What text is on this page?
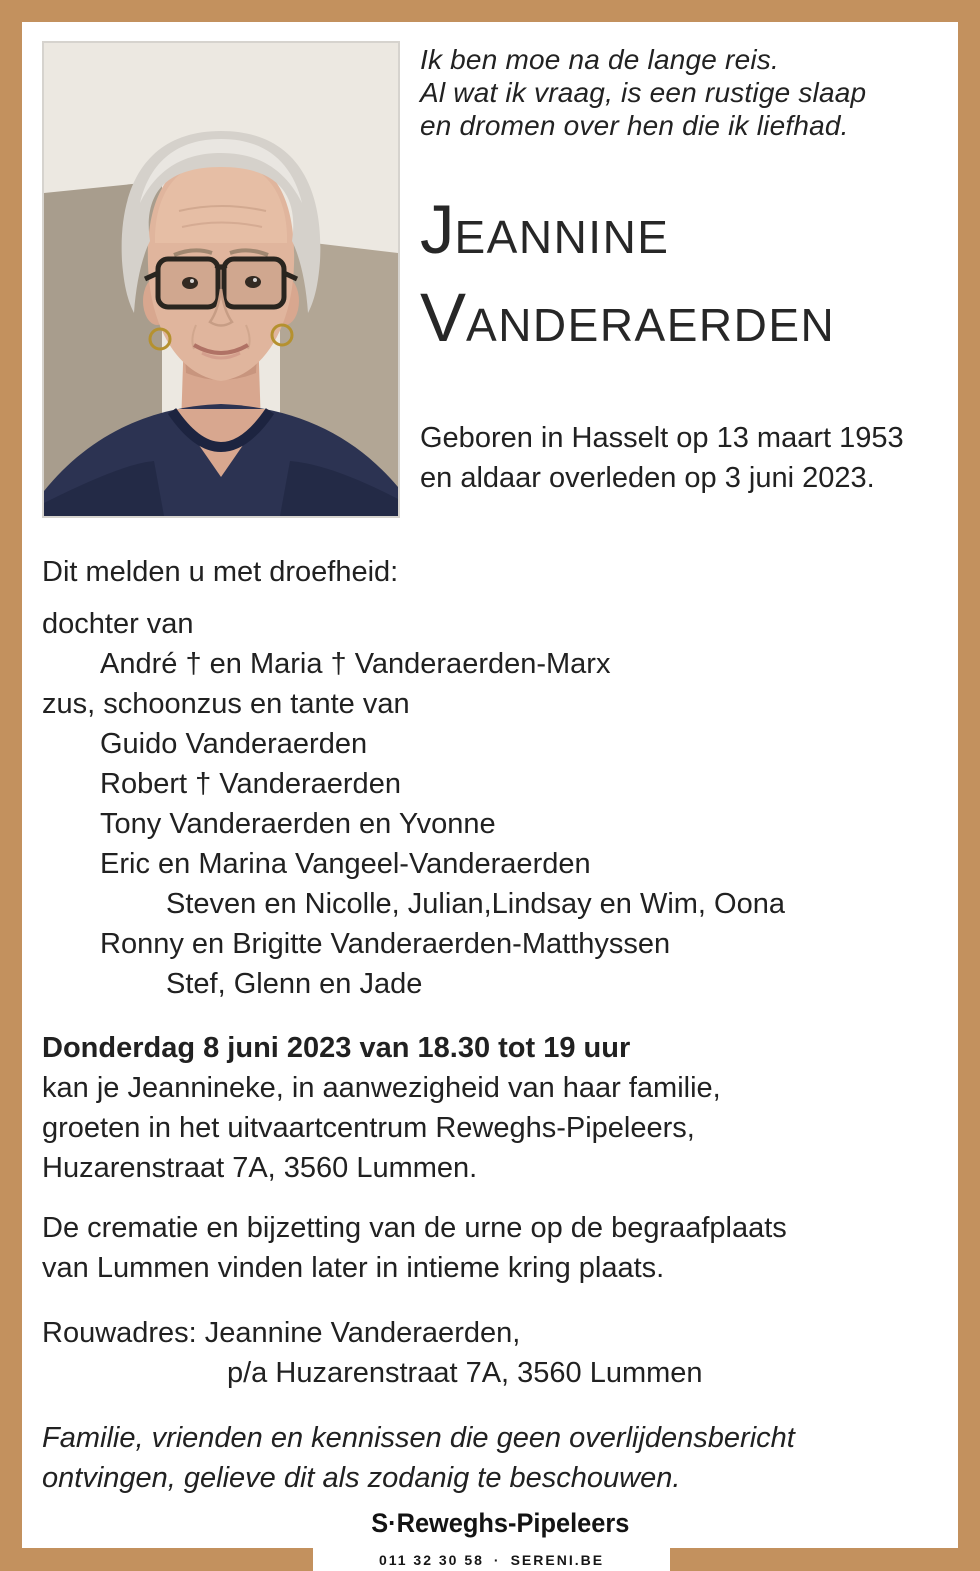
Ik ben moe na de lange reis.
Al wat ik vraag, is een rustige slaap
en dromen over hen die ik liefhad.
JEANNINE
VANDERAERDEN
Geboren in Hasselt op 13 maart 1953
en aldaar overleden op 3 juni 2023.

Dit melden u met droefheid:

dochter van
André † en Maria † Vanderaerden-Marx
zus, schoonzus en tante van
Guido Vanderaerden
Robert † Vanderaerden
Tony Vanderaerden en Yvonne
Eric en Marina Vangeel-Vanderaerden
Steven en Nicolle, Julian,Lindsay en Wim, Oona
Ronny en Brigitte Vanderaerden-Matthyssen
Stef, Glenn en Jade
Donderdag 8 juni 2023 van 18.30 tot 19 uur
kan je Jeannineke, in aanwezigheid van haar familie,
groeten in het uitvaartcentrum Reweghs-Pipeleers,
Huzarenstraat 7A, 3560 Lummen.
De crematie en bijzetting van de urne op de begraafplaats
van Lummen vinden later in intieme kring plaats.
Rouwadres: Jeannine Vanderaerden,
p/a Huzarenstraat 7A, 3560 Lummen
Familie, vrienden en kennissen die geen overlijdensbericht
ontvingen, gelieve dit als zodanig te beschouwen.
S·Reweghs-Pipeleers
011 32 30 58 · SERENI.BE
